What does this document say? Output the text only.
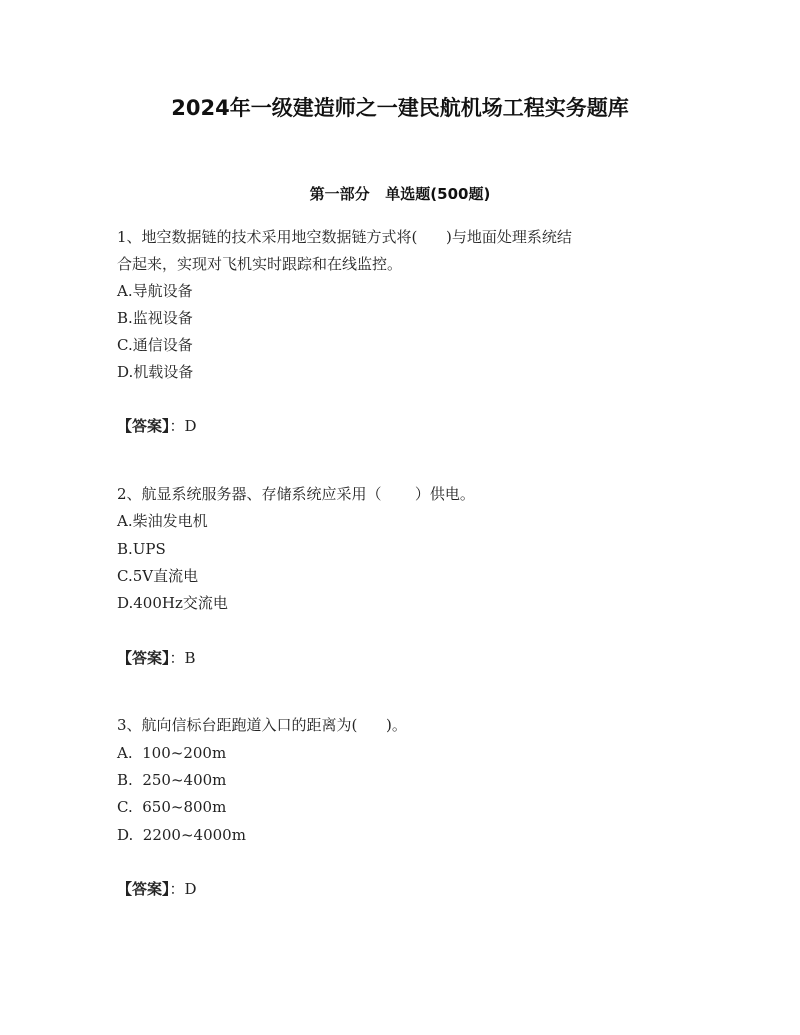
2024年一级建造师之一建民航机场工程实务题库
第一部分   单选题(500题)
1、地空数据链的技术采用地空数据链方式将(      )与地面处理系统结
合起来，实现对飞机实时跟踪和在线监控。
A.导航设备
B.监视设备
C.通信设备
D.机载设备
【答案】：D
2、航显系统服务器、存储系统应采用（       ）供电。
A.柴油发电机
B.UPS
C.5V直流电
D.400Hz交流电
【答案】：B
3、航向信标台距跑道入口的距离为(      )。
A.  100~200m
B.  250~400m
C.  650~800m
D.  2200~4000m
【答案】：D
